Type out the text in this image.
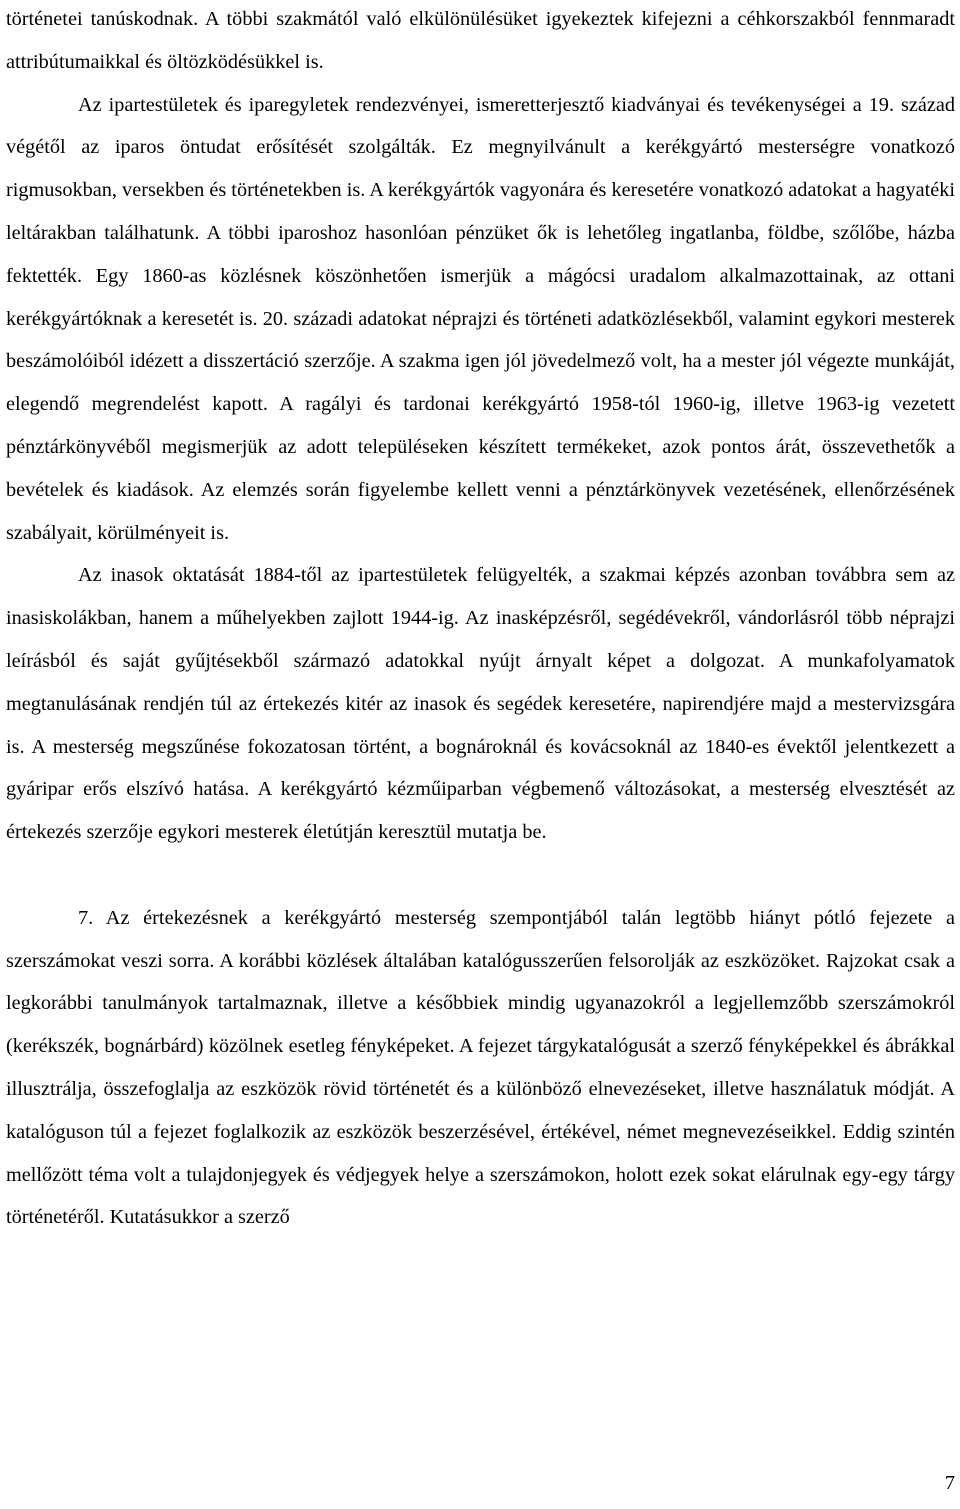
történetei tanúskodnak. A többi szakmától való elkülönülésüket igyekeztek kifejezni a céhkorszakból fennmaradt attribútumaikkal és öltözködésükkel is.

Az ipartestületek és iparegyletek rendezvényei, ismeretterjesztő kiadványai és tevékenységei a 19. század végétől az iparos öntudat erősítését szolgálták. Ez megnyilvánult a kerékgyártó mesterségre vonatkozó rigmusokban, versekben és történetekben is. A kerékgyártók vagyonára és keresetére vonatkozó adatokat a hagyatéki leltárakban találhatunk. A többi iparoshoz hasonlóan pénzüket ők is lehetőleg ingatlanba, földbe, szőlőbe, házba fektették. Egy 1860-as közlésnek köszönhetően ismerjük a mágócsi uradalom alkalmazottainak, az ottani kerékgyártóknak a keresetét is. 20. századi adatokat néprajzi és történeti adatközlésekből, valamint egykori mesterek beszámolóiból idézett a disszertáció szerzője. A szakma igen jól jövedelmező volt, ha a mester jól végezte munkáját, elegendő megrendelést kapott. A ragályi és tardonai kerékgyártó 1958-tól 1960-ig, illetve 1963-ig vezetett pénztárkönyvéből megismerjük az adott településeken készített termékeket, azok pontos árát, összevethetők a bevételek és kiadások. Az elemzés során figyelembe kellett venni a pénztárkönyvek vezetésének, ellenőrzésének szabályait, körülményeit is.

Az inasok oktatását 1884-től az ipartestületek felügyelték, a szakmai képzés azonban továbbra sem az inasiskolákban, hanem a műhelyekben zajlott 1944-ig. Az inasképzésről, segédévekről, vándorlásról több néprajzi leírásból és saját gyűjtésekből származó adatokkal nyújt árnyalt képet a dolgozat. A munkafolyamatok megtanulásának rendjén túl az értekezés kitér az inasok és segédek keresetére, napirendjére majd a mestervizsgára is. A mesterség megszűnése fokozatosan történt, a bognároknál és kovácsoknál az 1840-es évektől jelentkezett a gyáripar erős elszívó hatása. A kerékgyártó kézműiparban végbemenő változásokat, a mesterség elvesztését az értekezés szerzője egykori mesterek életútján keresztül mutatja be.

7. Az értekezésnek a kerékgyártó mesterség szempontjából talán legtöbb hiányt pótló fejezete a szerszámokat veszi sorra. A korábbi közlések általában katalógusszerűen felsorolják az eszközöket. Rajzokat csak a legkorábbi tanulmányok tartalmaznak, illetve a későbbiek mindig ugyanazokról a legjellemzőbb szerszámokról (kerékszék, bognárbárd) közölnek esetleg fényképeket. A fejezet tárgykatalógusát a szerző fényképekkel és ábrákkal illusztrálja, összefoglalja az eszközök rövid történetét és a különböző elnevezéseket, illetve használatuk módját. A katalóguson túl a fejezet foglalkozik az eszközök beszerzésével, értékével, német megnevezéseikkel. Eddig szintén mellőzött téma volt a tulajdonjegyek és védjegyek helye a szerszámokon, holott ezek sokat elárulnak egy-egy tárgy történetéről. Kutatásukkor a szerző

7
